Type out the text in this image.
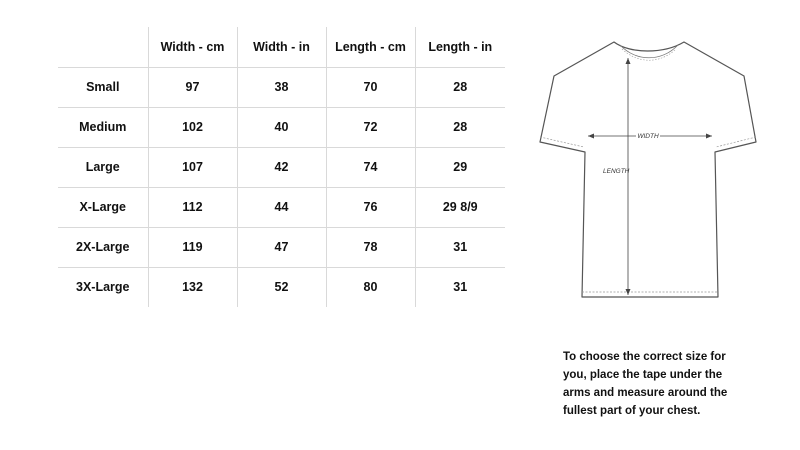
	Width - cm	Width - in	Length - cm	Length - in
Small	97	38	70	28
Medium	102	40	72	28
Large	107	42	74	29
X-Large	112	44	76	29 8/9
2X-Large	119	47	78	31
3X-Large	132	52	80	31
WIDTH
LENGTH
To choose the correct size for you, place the tape under the arms and measure around the fullest part of your chest.
